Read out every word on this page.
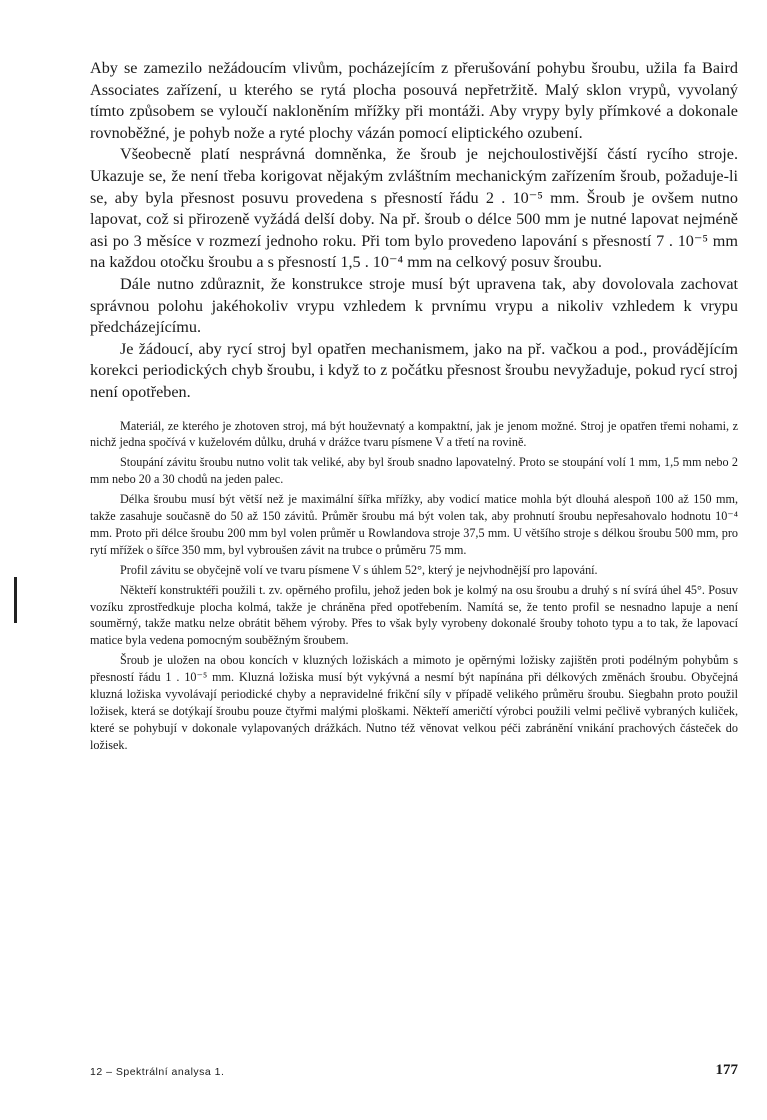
Aby se zamezilo nežádoucím vlivům, pocházejícím z přerušování pohybu šroubu, užila fa Baird Associates zařízení, u kterého se rytá plocha posouvá nepřetržitě. Malý sklon vrypů, vyvolaný tímto způsobem se vyloučí nakloněním mřížky při montáži. Aby vrypy byly přímkové a dokonale rovnoběžné, je pohyb nože a ryté plochy vázán pomocí eliptického ozubení.

Všeobecně platí nesprávná domněnka, že šroub je nejchoulostivější částí rycího stroje. Ukazuje se, že není třeba korigovat nějakým zvláštním mechanickým zařízením šroub, požaduje-li se, aby byla přesnost posuvu provedena s přesností řádu 2 . 10⁻⁵ mm. Šroub je ovšem nutno lapovat, což si přirozeně vyžádá delší doby. Na př. šroub o délce 500 mm je nutné lapovat nejméně asi po 3 měsíce v rozmezí jednoho roku. Při tom bylo provedeno lapování s přesností 7 . 10⁻⁵ mm na každou otočku šroubu a s přesností 1,5 . 10⁻⁴ mm na celkový posuv šroubu.

Dále nutno zdůraznit, že konstrukce stroje musí být upravena tak, aby dovolovala zachovat správnou polohu jakéhokoliv vrypu vzhledem k prvnímu vrypu a nikoliv vzhledem k vrypu předcházejícímu.

Je žádoucí, aby rycí stroj byl opatřen mechanismem, jako na př. vačkou a pod., provádějícím korekci periodických chyb šroubu, i když to z počátku přesnost šroubu nevyžaduje, pokud rycí stroj není opotřeben.

Materiál, ze kterého je zhotoven stroj, má být houževnatý a kompaktní, jak je jenom možné. Stroj je opatřen třemi nohami, z nichž jedna spočívá v kuželovém důlku, druhá v drážce tvaru písmene V a třetí na rovině.

Stoupání závitu šroubu nutno volit tak veliké, aby byl šroub snadno lapovatelný. Proto se stoupání volí 1 mm, 1,5 mm nebo 2 mm nebo 20 a 30 chodů na jeden palec.

Délka šroubu musí být větší než je maximální šířka mřížky, aby vodicí matice mohla být dlouhá alespoň 100 až 150 mm, takže zasahuje současně do 50 až 150 závitů. Průměr šroubu má být volen tak, aby prohnutí šroubu nepřesahovalo hodnotu 10⁻⁴ mm. Proto při délce šroubu 200 mm byl volen průměr u Rowlandova stroje 37,5 mm. U většího stroje s délkou šroubu 500 mm, pro rytí mřížek o šířce 350 mm, byl vybroušen závit na trubce o průměru 75 mm.

Profil závitu se obyčejně volí ve tvaru písmene V s úhlem 52°, který je nejvhodnější pro lapování.

Někteří konstruktéři použili t. zv. opěrného profilu, jehož jeden bok je kolmý na osu šroubu a druhý s ní svírá úhel 45°. Posuv vozíku zprostředkuje plocha kolmá, takže je chráněna před opotřebením. Namítá se, že tento profil se nesnadno lapuje a není souměrný, takže matku nelze obrátit během výroby. Přes to však byly vyrobeny dokonalé šrouby tohoto typu a to tak, že lapovací matice byla vedena pomocným souběžným šroubem.

Šroub je uložen na obou koncích v kluzných ložiskách a mimoto je opěrnými ložisky zajištěn proti podélným pohybům s přesností řádu 1 . 10⁻⁵ mm. Kluzná ložiska musí být vykývná a nesmí být napínána při délkových změnách šroubu. Obyčejná kluzná ložiska vyvolávají periodické chyby a nepravidelné frikční síly v případě velikého průměru šroubu. Siegbahn proto použil ložisek, která se dotýkají šroubu pouze čtyřmi malými ploškami. Někteří američtí výrobci použili velmi pečlivě vybraných kuliček, které se pohybují v dokonale vylapovaných drážkách. Nutno též věnovat velkou péči zabránění vnikání prachových částeček do ložisek.

12 – Spektrální analysa 1.	177
